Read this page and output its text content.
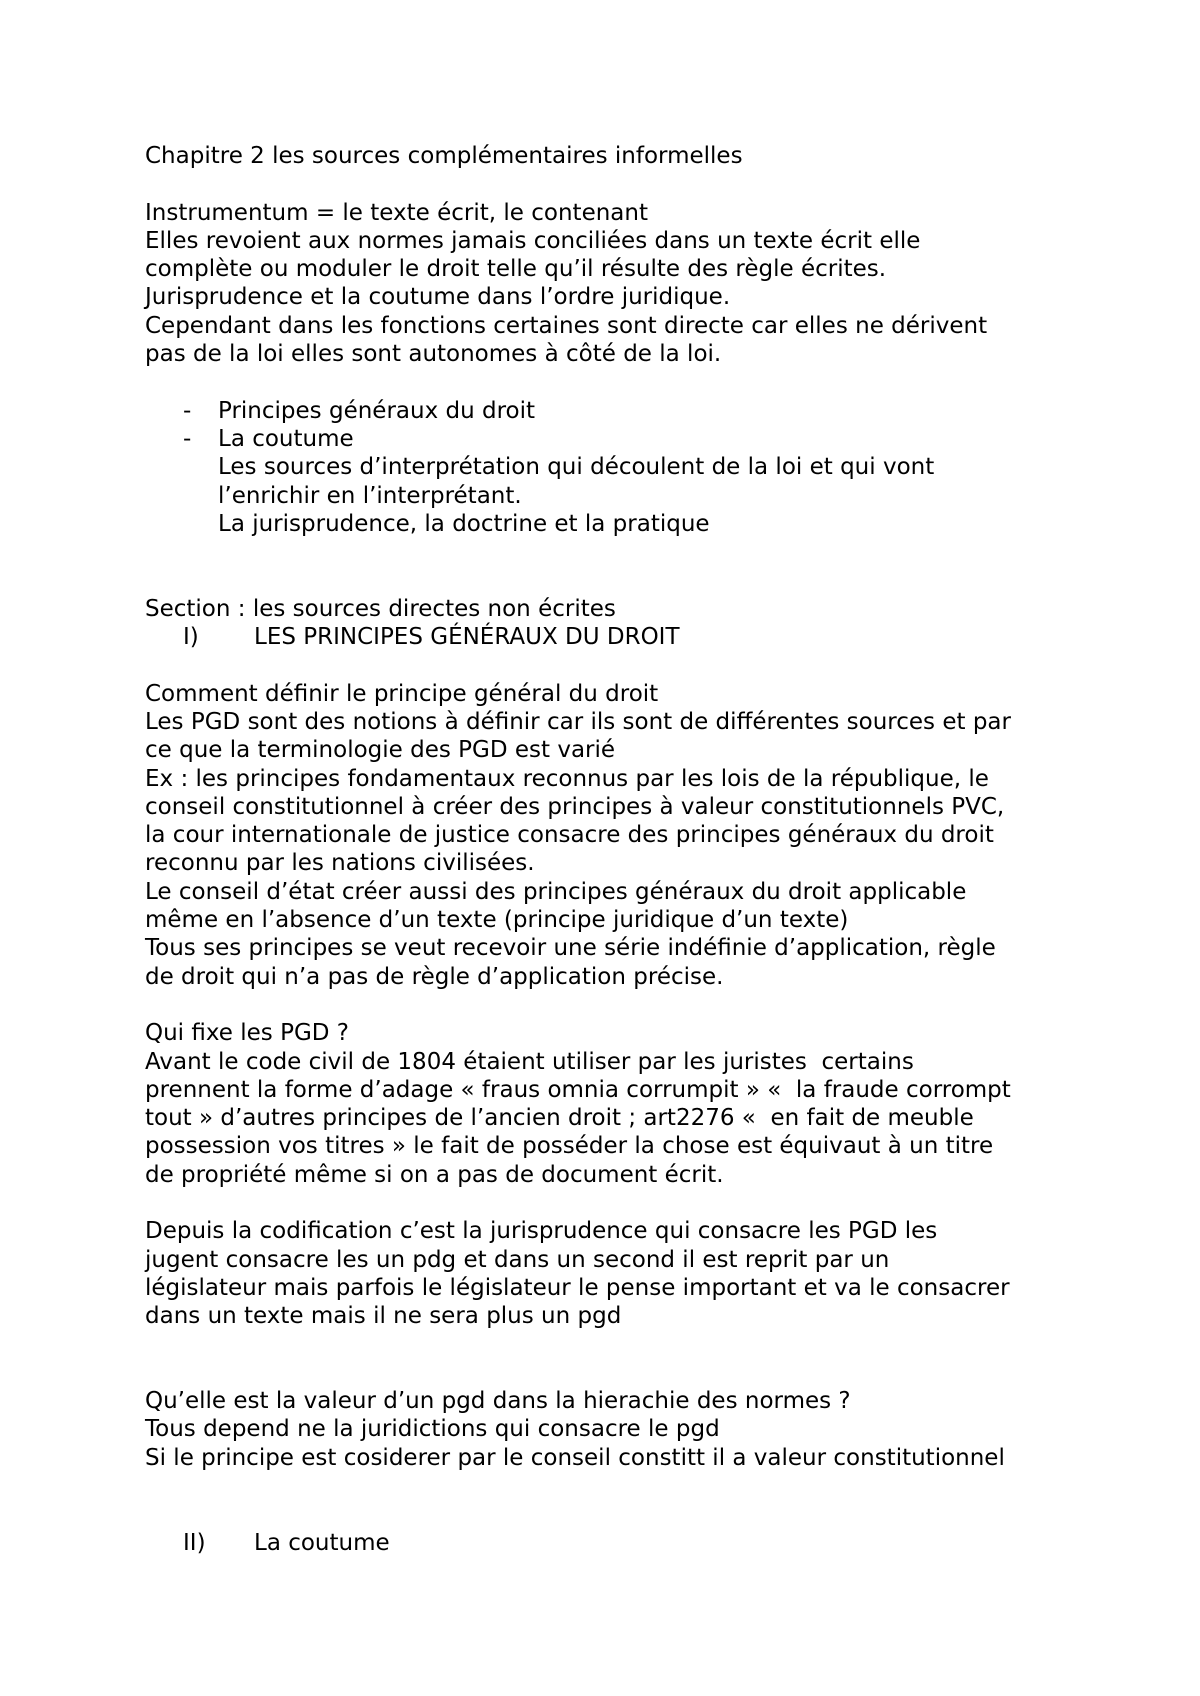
Chapitre 2 les sources complémentaires informelles
Instrumentum = le texte écrit, le contenant
Elles revoient aux normes jamais conciliées dans un texte écrit elle
complète ou moduler le droit telle qu’il résulte des règle écrites.
Jurisprudence et la coutume dans l’ordre juridique.
Cependant dans les fonctions certaines sont directe car elles ne dérivent
pas de la loi elles sont autonomes à côté de la loi.
-	Principes généraux du droit
-	La coutume
Les sources d’interprétation qui découlent de la loi et qui vont
l’enrichir en l’interprétant.
La jurisprudence, la doctrine et la pratique
Section : les sources directes non écrites
I)	LES PRINCIPES GÉNÉRAUX DU DROIT
Comment définir le principe général du droit
Les PGD sont des notions à définir car ils sont de différentes sources et par
ce que la terminologie des PGD est varié
Ex : les principes fondamentaux reconnus par les lois de la république, le
conseil constitutionnel à créer des principes à valeur constitutionnels PVC,
la cour internationale de justice consacre des principes généraux du droit
reconnu par les nations civilisées.
Le conseil d’état créer aussi des principes généraux du droit applicable
même en l’absence d’un texte (principe juridique d’un texte)
Tous ses principes se veut recevoir une série indéfinie d’application, règle
de droit qui n’a pas de règle d’application précise.
Qui fixe les PGD ?
Avant le code civil de 1804 étaient utiliser par les juristes  certains
prennent la forme d’adage « fraus omnia corrumpit » «  la fraude corrompt
tout » d’autres principes de l’ancien droit ; art2276 «  en fait de meuble
possession vos titres » le fait de posséder la chose est équivaut à un titre
de propriété même si on a pas de document écrit.
Depuis la codification c’est la jurisprudence qui consacre les PGD les
jugent consacre les un pdg et dans un second il est reprit par un
législateur mais parfois le législateur le pense important et va le consacrer
dans un texte mais il ne sera plus un pgd
Qu’elle est la valeur d’un pgd dans la hierachie des normes ?
Tous depend ne la juridictions qui consacre le pgd
Si le principe est cosiderer par le conseil constitt il a valeur constitutionnel
II)	La coutume
